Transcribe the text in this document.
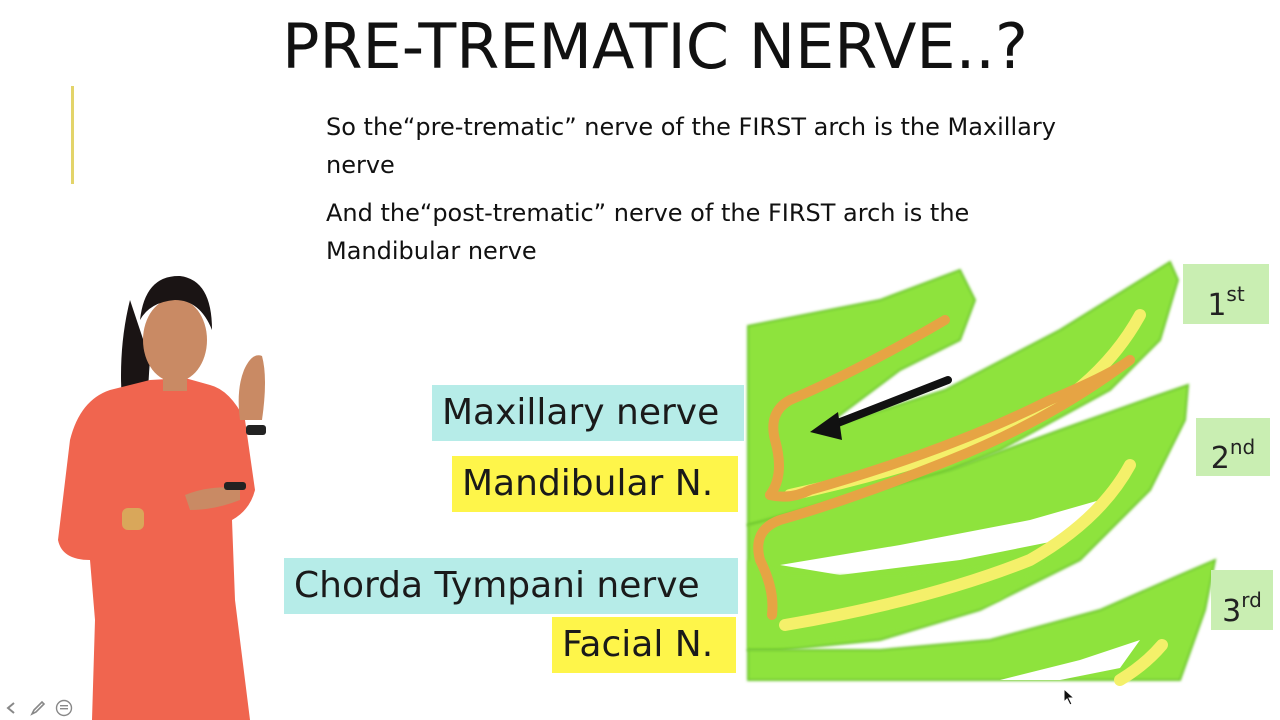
PRE-TREMATIC NERVE..?

So the“pre-trematic” nerve of the FIRST arch is the Maxillary nerve

And the“post-trematic” nerve of the FIRST arch is the Mandibular nerve

Maxillary nerve
Mandibular N.
Chorda Tympani nerve
Facial N.
1st
2nd
3rd
